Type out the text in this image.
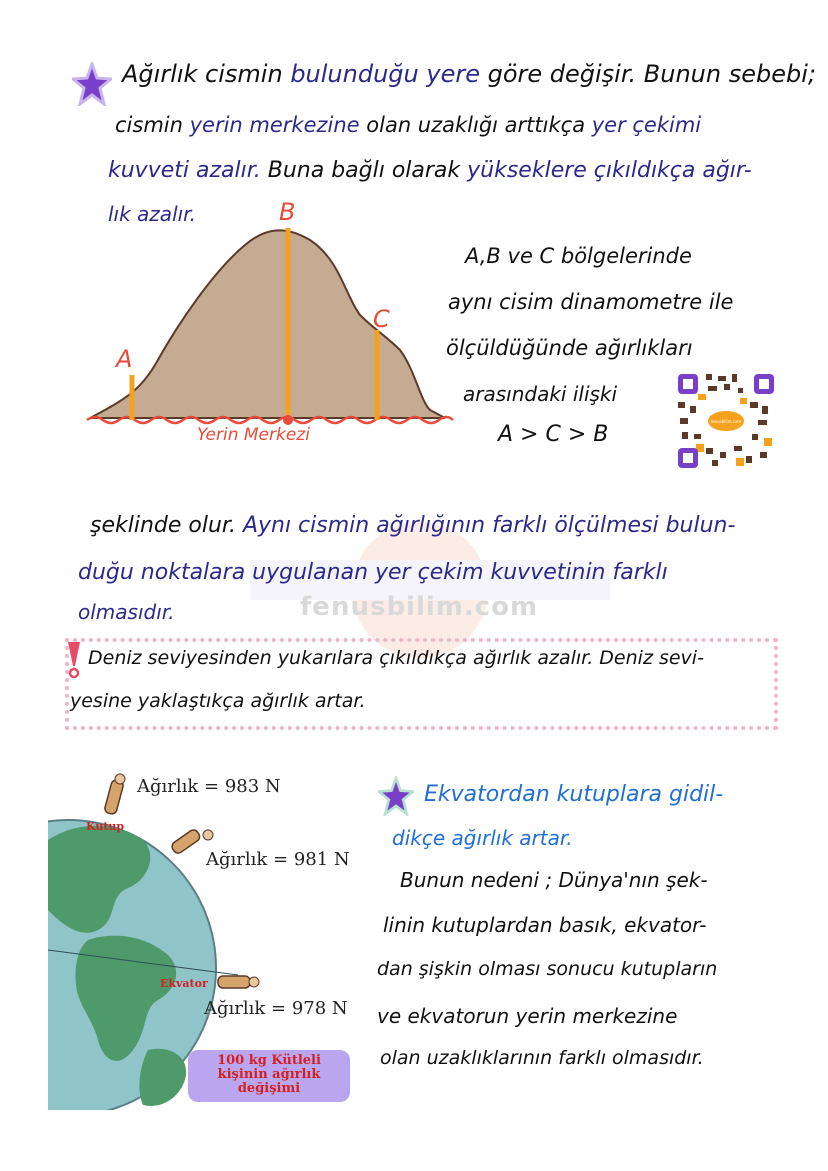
fenusbilim.com
Ağırlık cismin bulunduğu yere göre değişir. Bunun sebebi;
cismin yerin merkezine olan uzaklığı arttıkça yer çekimi
kuvveti azalır. Buna bağlı olarak yükseklere çıkıldıkça ağır-
lık azalır.
A
B
C
Yerin Merkezi
A,B ve C bölgelerinde
aynı cisim dinamometre ile
ölçüldüğünde ağırlıkları
arasındaki ilişki
A > C > B
fenusbilim.com
şeklinde olur. Aynı cismin ağırlığının farklı ölçülmesi bulun-
duğu noktalara uygulanan yer çekim kuvvetinin farklı
olmasıdır.
Deniz seviyesinden yukarılara çıkıldıkça ağırlık azalır. Deniz sevi-
yesine yaklaştıkça ağırlık artar.
Ağırlık = 983 N
Ağırlık = 981 N
Ağırlık = 978 N
Kutup
Ekvator
100 kg Kütleli
kişinin ağırlık
değişimi
Ekvatordan kutuplara gidil-
dikçe ağırlık artar.
Bunun nedeni ; Dünya'nın şek-
linin kutuplardan basık, ekvator-
dan şişkin olması sonucu kutupların
ve ekvatorun yerin merkezine
olan uzaklıklarının farklı olmasıdır.
